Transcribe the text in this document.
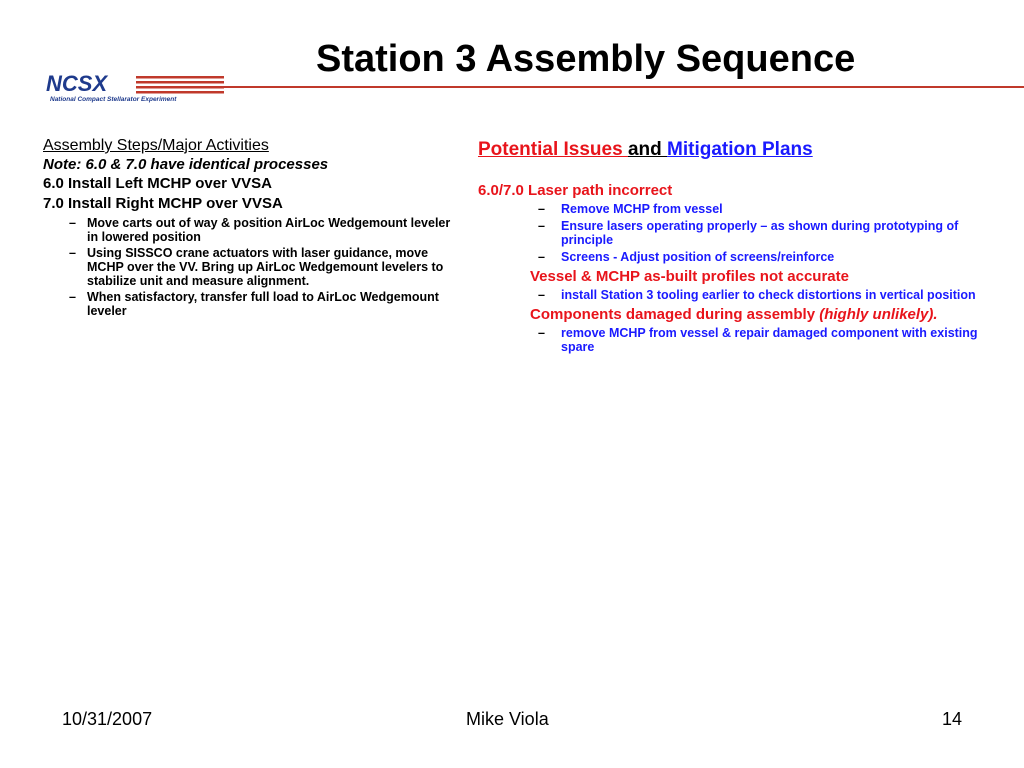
Station 3 Assembly Sequence
NCSX
National Compact Stellarator Experiment
Assembly Steps/Major Activities
Note: 6.0 & 7.0 have identical processes
6.0 Install Left MCHP over VVSA
7.0 Install Right MCHP over VVSA
– Move carts out of way & position AirLoc Wedgemount leveler in lowered position
– Using SISSCO crane actuators with laser guidance, move MCHP over the VV. Bring up AirLoc Wedgemount levelers to stabilize unit and measure alignment.
– When satisfactory, transfer full load to AirLoc Wedgemount leveler
Potential Issues and Mitigation Plans
6.0/7.0 Laser path incorrect
– Remove MCHP from vessel
– Ensure lasers operating properly – as shown during prototyping of principle
– Screens - Adjust position of screens/reinforce
Vessel & MCHP as-built profiles not accurate
– install Station 3 tooling earlier to check distortions in vertical position
Components damaged during assembly (highly unlikely).
– remove MCHP from vessel & repair damaged component with existing spare
10/31/2007	Mike Viola	14
